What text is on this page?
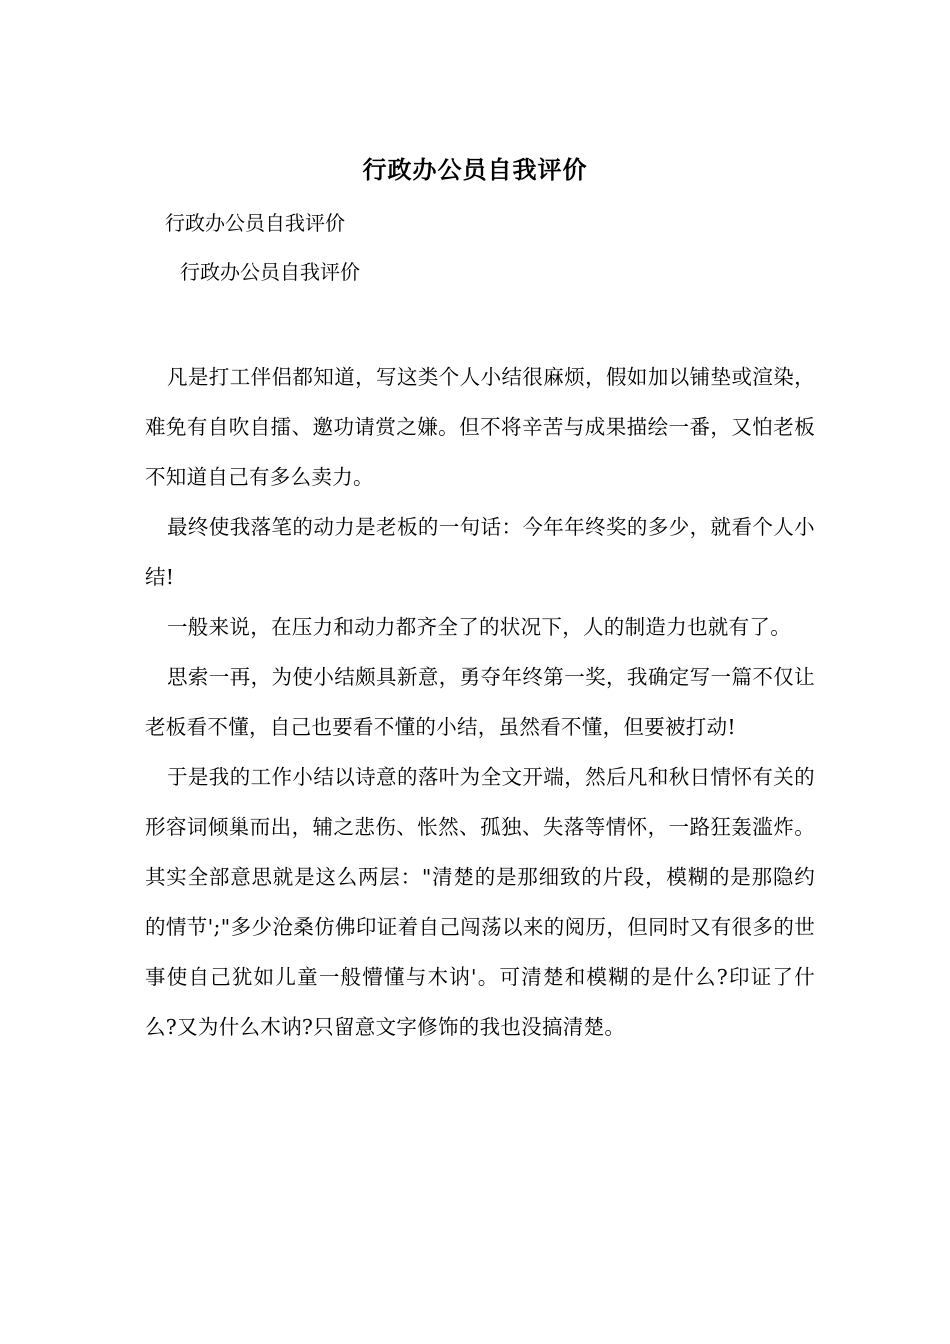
行政办公员自我评价
行政办公员自我评价
行政办公员自我评价

凡是打工伴侣都知道，写这类个人小结很麻烦，假如加以铺垫或渲染，难免有自吹自擂、邀功请赏之嫌。但不将辛苦与成果描绘一番，又怕老板不知道自己有多么卖力。

最终使我落笔的动力是老板的一句话：今年年终奖的多少，就看个人小结!

一般来说，在压力和动力都齐全了的状况下，人的制造力也就有了。

思索一再，为使小结颇具新意，勇夺年终第一奖，我确定写一篇不仅让老板看不懂，自己也要看不懂的小结，虽然看不懂，但要被打动!

于是我的工作小结以诗意的落叶为全文开端，然后凡和秋日情怀有关的形容词倾巢而出，辅之悲伤、怅然、孤独、失落等情怀，一路狂轰滥炸。其实全部意思就是这么两层："清楚的是那细致的片段，模糊的是那隐约的情节';"多少沧桑仿佛印证着自己闯荡以来的阅历，但同时又有很多的世事使自己犹如儿童一般懵懂与木讷'。可清楚和模糊的是什么?印证了什么?又为什么木讷?只留意文字修饰的我也没搞清楚。
